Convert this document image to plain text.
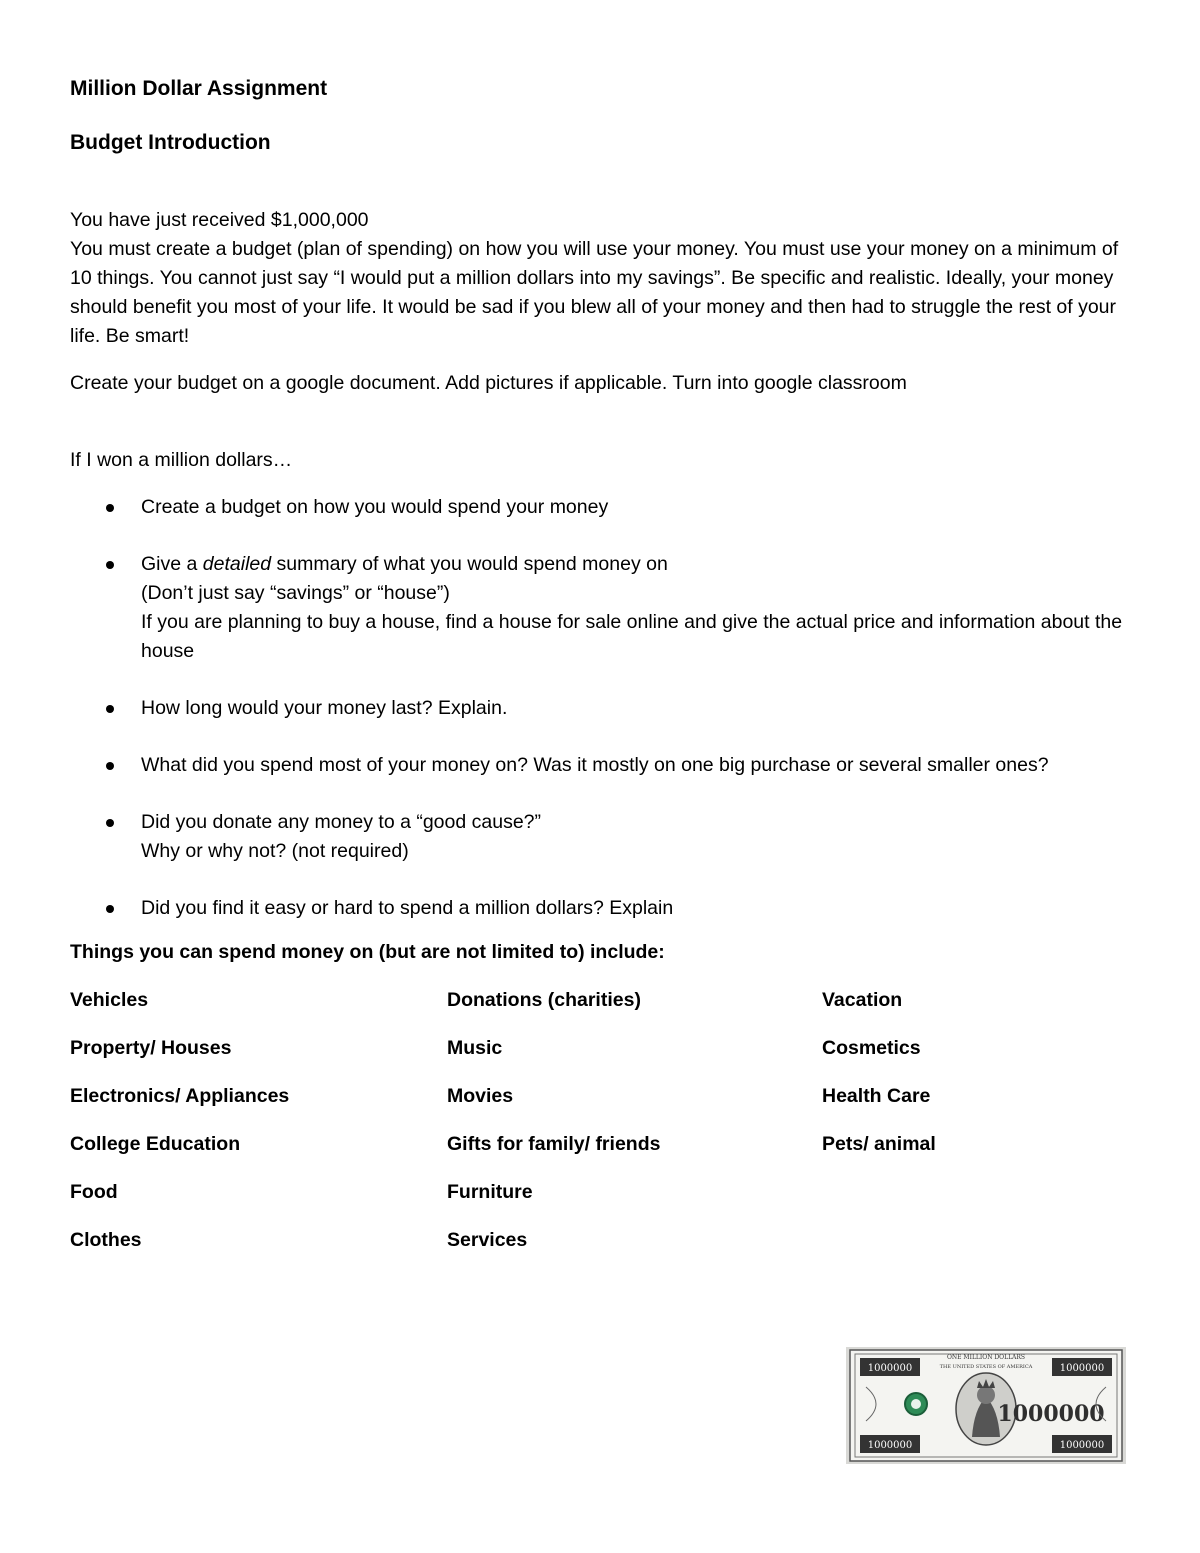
Million Dollar Assignment

Budget Introduction

You have just received $1,000,000

You must create a budget (plan of spending) on how you will use your money. You must use your money on a minimum of 10 things. You cannot just say “I would put a million dollars into my savings”. Be specific and realistic. Ideally, your money should benefit you most of your life. It would be sad if you blew all of your money and then had to struggle the rest of your life. Be smart!

Create your budget on a google document. Add pictures if applicable. Turn into google classroom

If I won a million dollars…

Create a budget on how you would spend your money

Give a detailed summary of what you would spend money on

(Don’t just say “savings” or “house”)

If you are planning to buy a house, find a house for sale online and give the actual price and information about the house

How long would your money last? Explain.

What did you spend most of your money on? Was it mostly on one big purchase or several smaller ones?

Did you donate any money to a “good cause?”

Why or why not? (not required)

Did you find it easy or hard to spend a million dollars? Explain

Things you can spend money on (but are not limited to) include:

Vehicles	Donations (charities)	Vacation
Property/ Houses	Music	Cosmetics
Electronics/ Appliances	Movies	Health Care
College Education	Gifts for family/ friends	Pets/ animal
Food	Furniture
Clothes	Services
1000000	1000000
1000000	1000000
ONE MILLION DOLLARS
THE UNITED STATES OF AMERICA
1000000
